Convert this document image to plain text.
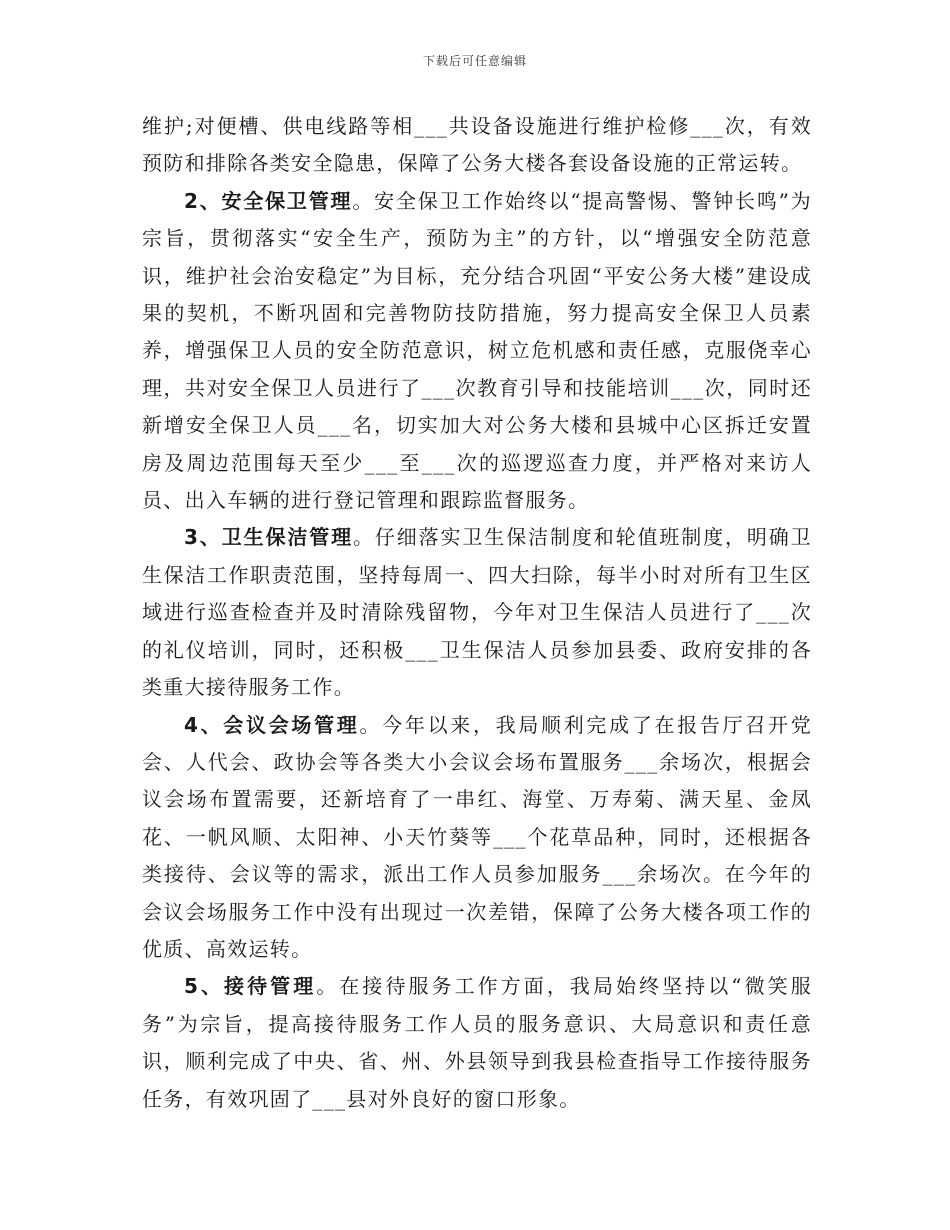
下载后可任意编辑

维护;对便槽、供电线路等相___共设备设施进行维护检修___次，有效预防和排除各类安全隐患，保障了公务大楼各套设备设施的正常运转。

2、安全保卫管理。安全保卫工作始终以“提高警惕、警钟长鸣”为宗旨，贯彻落实“安全生产，预防为主”的方针，以“增强安全防范意识，维护社会治安稳定”为目标，充分结合巩固“平安公务大楼”建设成果的契机，不断巩固和完善物防技防措施，努力提高安全保卫人员素养，增强保卫人员的安全防范意识，树立危机感和责任感，克服侥幸心理，共对安全保卫人员进行了___次教育引导和技能培训___次，同时还新增安全保卫人员___名，切实加大对公务大楼和县城中心区拆迁安置房及周边范围每天至少___至___次的巡逻巡查力度，并严格对来访人员、出入车辆的进行登记管理和跟踪监督服务。

3、卫生保洁管理。仔细落实卫生保洁制度和轮值班制度，明确卫生保洁工作职责范围，坚持每周一、四大扫除，每半小时对所有卫生区域进行巡查检查并及时清除残留物，今年对卫生保洁人员进行了___次的礼仪培训，同时，还积极___卫生保洁人员参加县委、政府安排的各类重大接待服务工作。

4、会议会场管理。今年以来，我局顺利完成了在报告厅召开党会、人代会、政协会等各类大小会议会场布置服务___余场次，根据会议会场布置需要，还新培育了一串红、海堂、万寿菊、满天星、金凤花、一帆风顺、太阳神、小天竹葵等___个花草品种，同时，还根据各类接待、会议等的需求，派出工作人员参加服务___余场次。在今年的会议会场服务工作中没有出现过一次差错，保障了公务大楼各项工作的优质、高效运转。

5、接待管理。在接待服务工作方面，我局始终坚持以“微笑服务”为宗旨，提高接待服务工作人员的服务意识、大局意识和责任意识，顺利完成了中央、省、州、外县领导到我县检查指导工作接待服务任务，有效巩固了___县对外良好的窗口形象。
